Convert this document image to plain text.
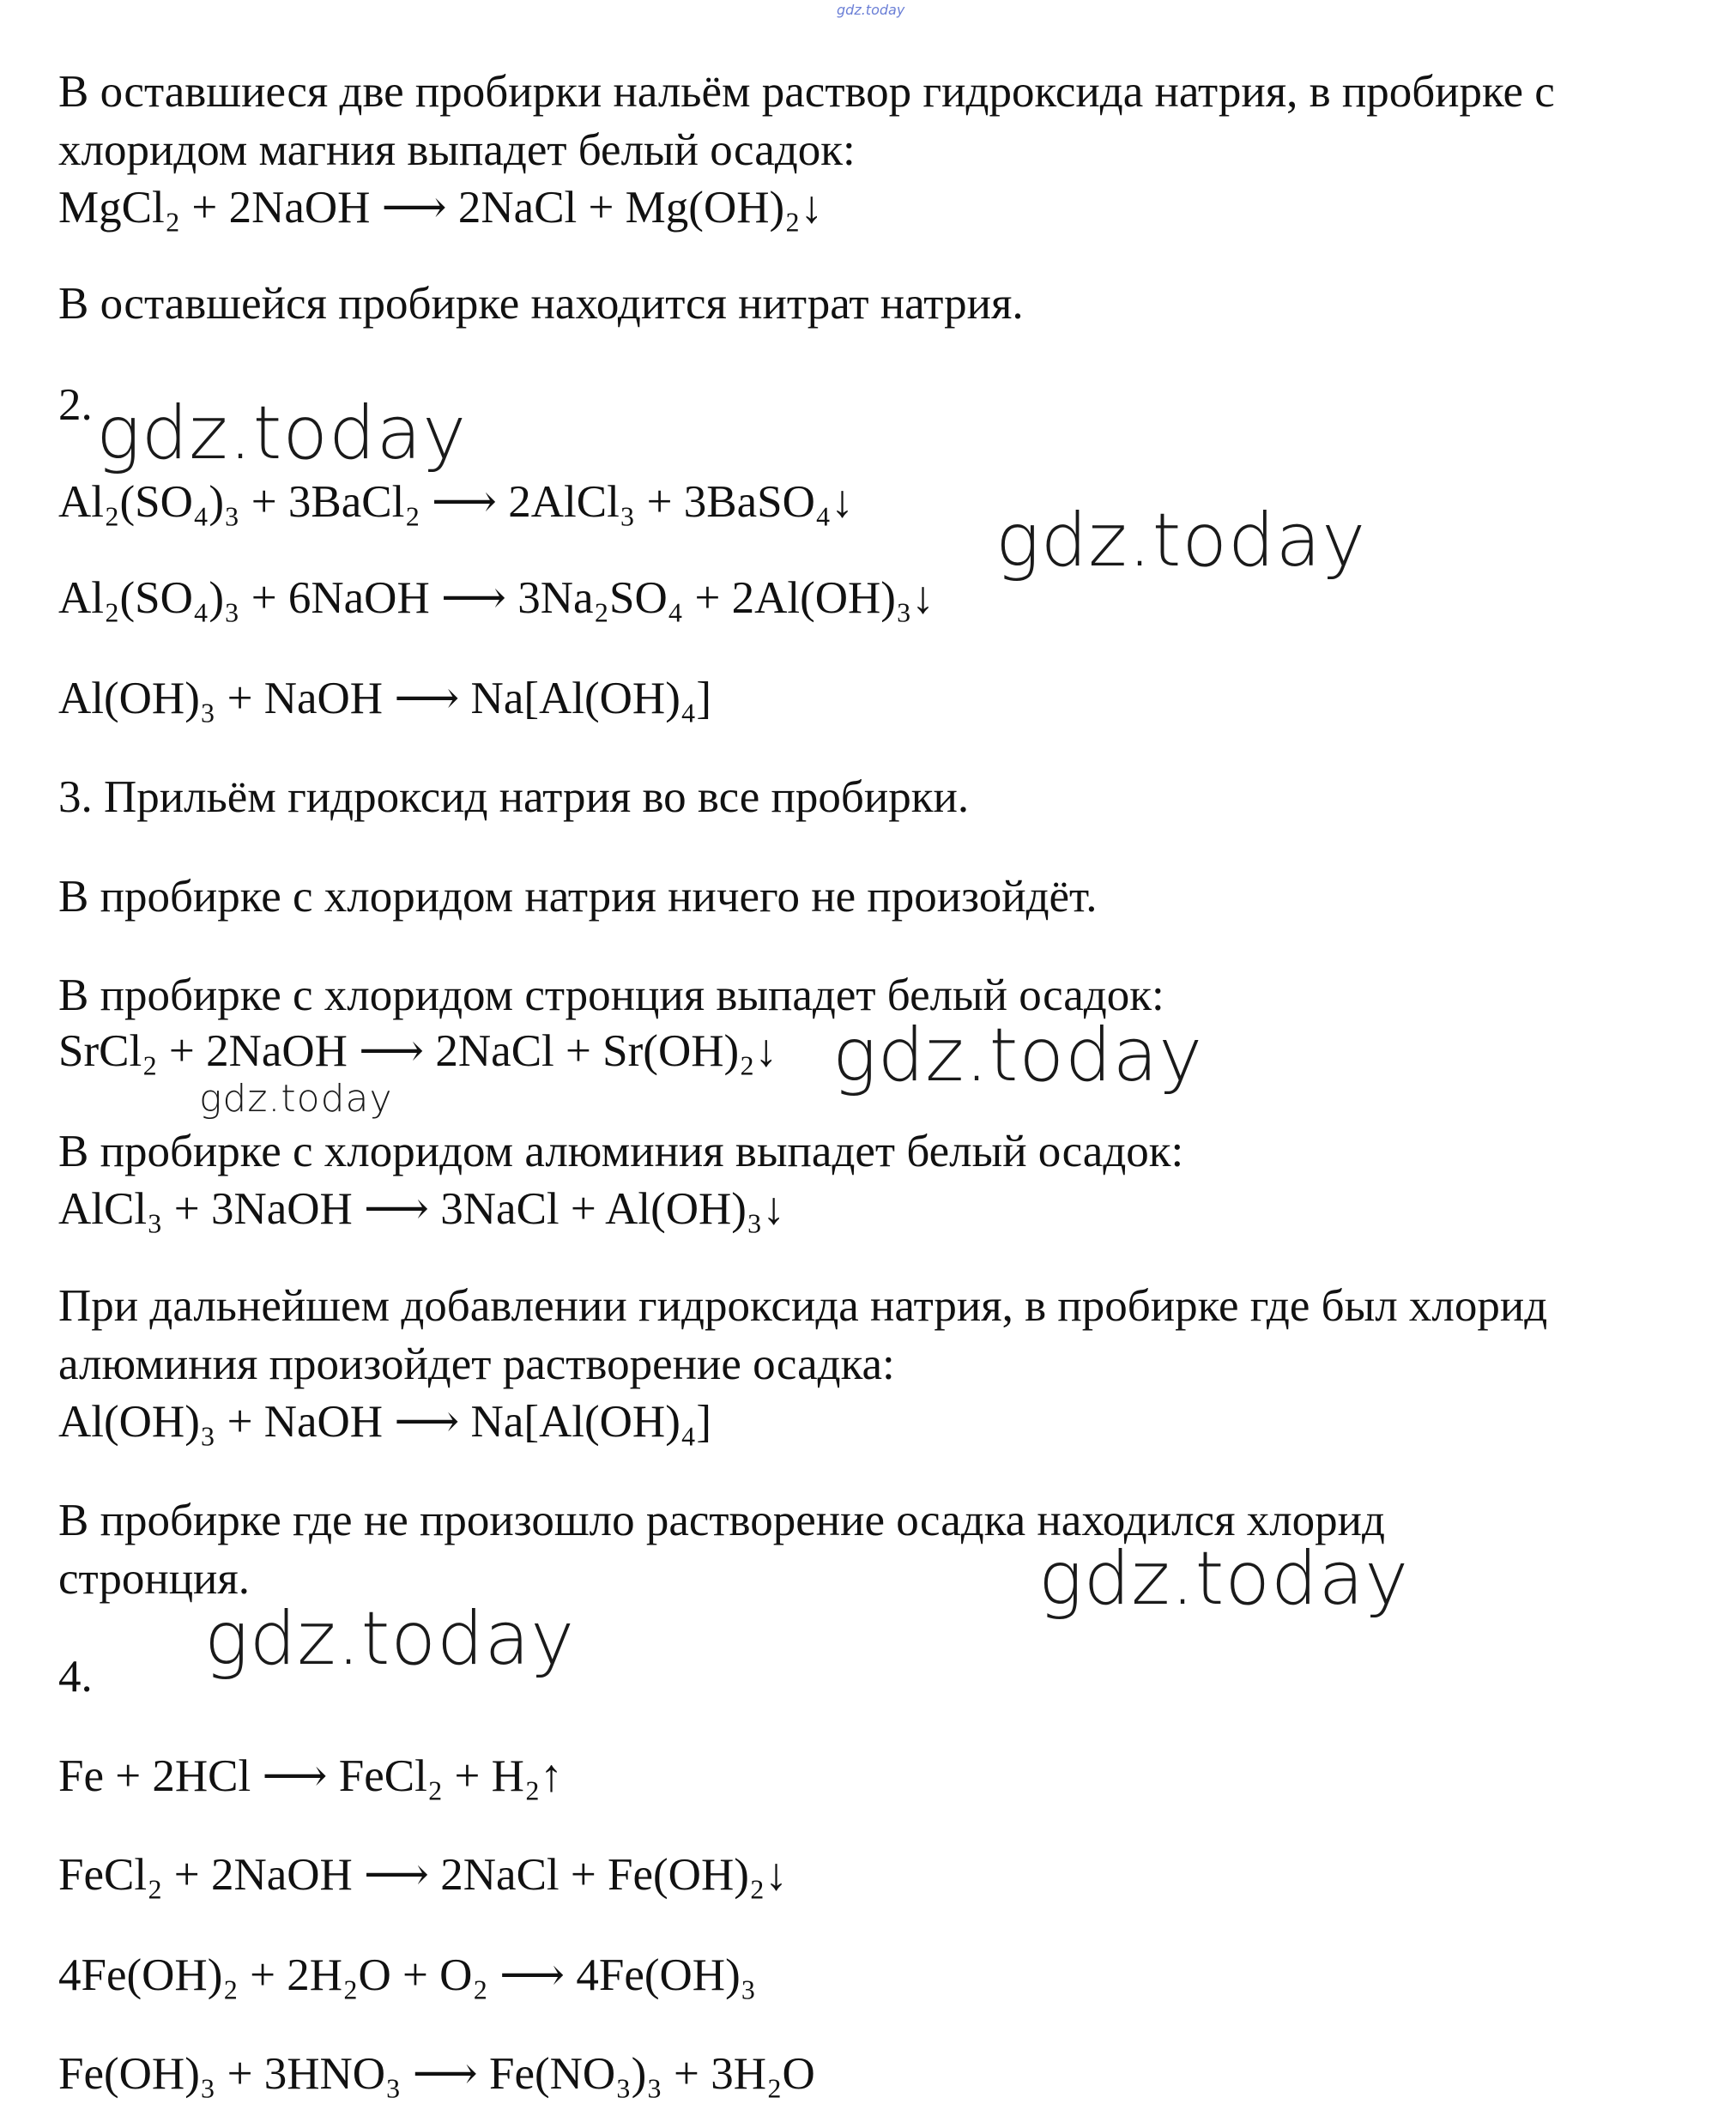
gdz.today
В оставшиеся две пробирки нальём раствор гидроксида натрия, в пробирке с
хлоридом магния выпадет белый осадок:
MgCl₂ + 2NaOH ⟶ 2NaCl + Mg(OH)₂↓
В оставшейся пробирке находится нитрат натрия.
2.
Al₂(SO₄)₃ + 3BaCl₂ ⟶ 2AlCl₃ + 3BaSO₄↓
Al₂(SO₄)₃ + 6NaOH ⟶ 3Na₂SO₄ + 2Al(OH)₃↓
Al(OH)₃ + NaOH ⟶ Na[Al(OH)₄]
3. Прильём гидроксид натрия во все пробирки.
В пробирке с хлоридом натрия ничего не произойдёт.
В пробирке с хлоридом стронция выпадет белый осадок:
SrCl₂ + 2NaOH ⟶ 2NaCl + Sr(OH)₂↓
В пробирке с хлоридом алюминия выпадет белый осадок:
AlCl₃ + 3NaOH ⟶ 3NaCl + Al(OH)₃↓
При дальнейшем добавлении гидроксида натрия, в пробирке где был хлорид
алюминия произойдет растворение осадка:
Al(OH)₃ + NaOH ⟶ Na[Al(OH)₄]
В пробирке где не произошло растворение осадка находился хлорид
стронция.
4.
Fe + 2HCl ⟶ FeCl₂ + H₂↑
FeCl₂ + 2NaOH ⟶ 2NaCl + Fe(OH)₂↓
4Fe(OH)₂ + 2H₂O + O₂ ⟶ 4Fe(OH)₃
Fe(OH)₃ + 3HNO₃ ⟶ Fe(NO₃)₃ + 3H₂O
gdz.today
gdz.today
gdz.today
gdz.today
gdz.today
gdz.today
